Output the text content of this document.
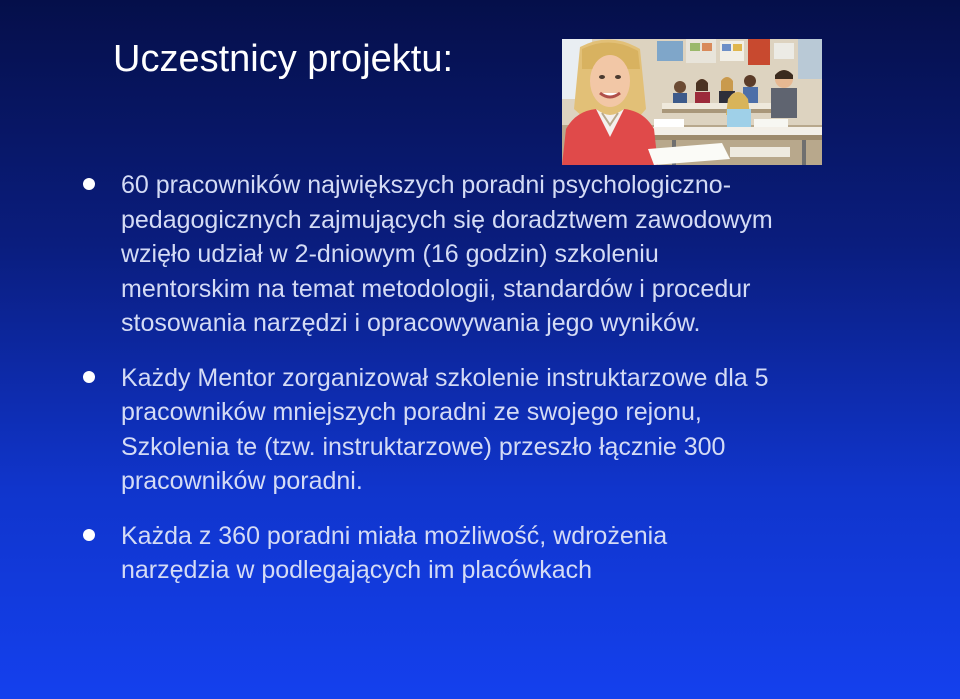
Uczestnicy projektu:
60 pracowników największych poradni psychologiczno-
pedagogicznych zajmujących się doradztwem zawodowym
wzięło udział w 2-dniowym (16 godzin) szkoleniu
mentorskim na temat metodologii, standardów i procedur
stosowania narzędzi i opracowywania jego wyników.
Każdy Mentor zorganizował szkolenie instruktarzowe dla 5
pracowników mniejszych poradni ze swojego rejonu,
Szkolenia te (tzw. instruktarzowe) przeszło łącznie 300
pracowników poradni.
Każda z 360 poradni miała możliwość, wdrożenia
narzędzia w podlegających im placówkach
